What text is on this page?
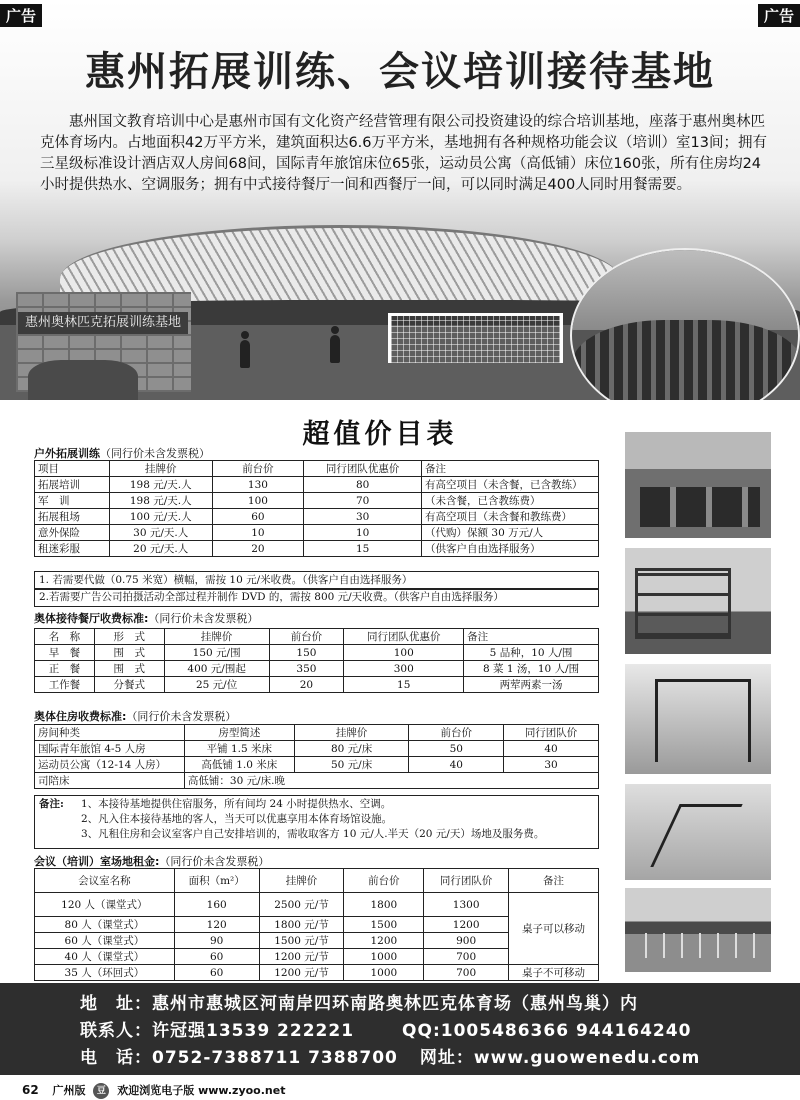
惠州奥林匹克拓展训练基地
惠州拓展训练、会议培训接待基地
惠州国文教育培训中心是惠州市国有文化资产经营管理有限公司投资建设的综合培训基地，座落于惠州奥林匹克体育场内。占地面积42万平方米，建筑面积达6.6万平方米，基地拥有各种规格功能会议（培训）室13间；拥有三星级标准设计酒店双人房间68间，国际青年旅馆床位65张，运动员公寓（高低铺）床位160张，所有住房均24小时提供热水、空调服务；拥有中式接待餐厅一间和西餐厅一间，可以同时满足400人同时用餐需要。
广告	广告
超值价目表
户外拓展训练（同行价未含发票税）
项目	挂牌价	前台价	同行团队优惠价	备注
拓展培训	198 元/天.人	130	80	有高空项目（未含餐，已含教练）
军　训	198 元/天.人	100	70	（未含餐，已含教练费）
拓展租场	100 元/天.人	60	30	有高空项目（未含餐和教练费）
意外保险	30 元/天.人	10	10	（代购）保额 30 万元/人
租迷彩服	20 元/天.人	20	15	（供客户自由选择服务）
1. 若需要代做（0.75 米宽）横幅，需按 10 元/米收费。（供客户自由选择服务）
2.若需要广告公司拍摄活动全部过程并制作 DVD 的，需按 800 元/天收费。（供客户自由选择服务）
奥体接待餐厅收费标准:（同行价未含发票税）
名　称	形　式	挂牌价	前台价	同行团队优惠价	备注
早　餐	围　式	150 元/围	150	100	5 品种，10 人/围
正　餐	围　式	400 元/围起	350	300	8 菜 1 汤，10 人/围
工作餐	分餐式	25 元/位	20	15	两荤两素一汤
奥体住房收费标准:（同行价未含发票税）
房间种类	房型简述	挂牌价	前台价	同行团队价
国际青年旅馆 4-5 人房	平铺 1.5 米床	80 元/床	50	40
运动员公寓（12-14 人房）	高低铺 1.0 米床	50 元/床	40	30
司陪床	高低铺：30 元/床.晚			
备注:	1、本接待基地提供住宿服务，所有间均 24 小时提供热水、空调。
2、凡入住本接待基地的客人，当天可以优惠享用本体育场馆设施。
3、凡租住房和会议室客户自己安排培训的，需收取客方 10 元/人.半天（20 元/天）场地及服务费。
会议（培训）室场地租金:（同行价未含发票税）
会议室名称	面积（m²）	挂牌价	前台价	同行团队价	备注
120 人（课堂式）	160	2500 元/节	1800	1300	桌子可以移动
80 人（课堂式）	120	1800 元/节	1500	1200	
60 人（课堂式）	90	1500 元/节	1200	900	
40 人（课堂式）	60	1200 元/节	1000	700	
35 人（环回式）	60	1200 元/节	1000	700	桌子不可移动
地　址：惠州市惠城区河南岸四环南路奥林匹克体育场（惠州鸟巢）内
联系人：许冠强13539 222221	QQ:1005486366 944164240
电　话：0752-7388711 7388700 网址：www.guowenedu.com
62 广州版 豆 欢迎浏览电子版 www.zyoo.net
